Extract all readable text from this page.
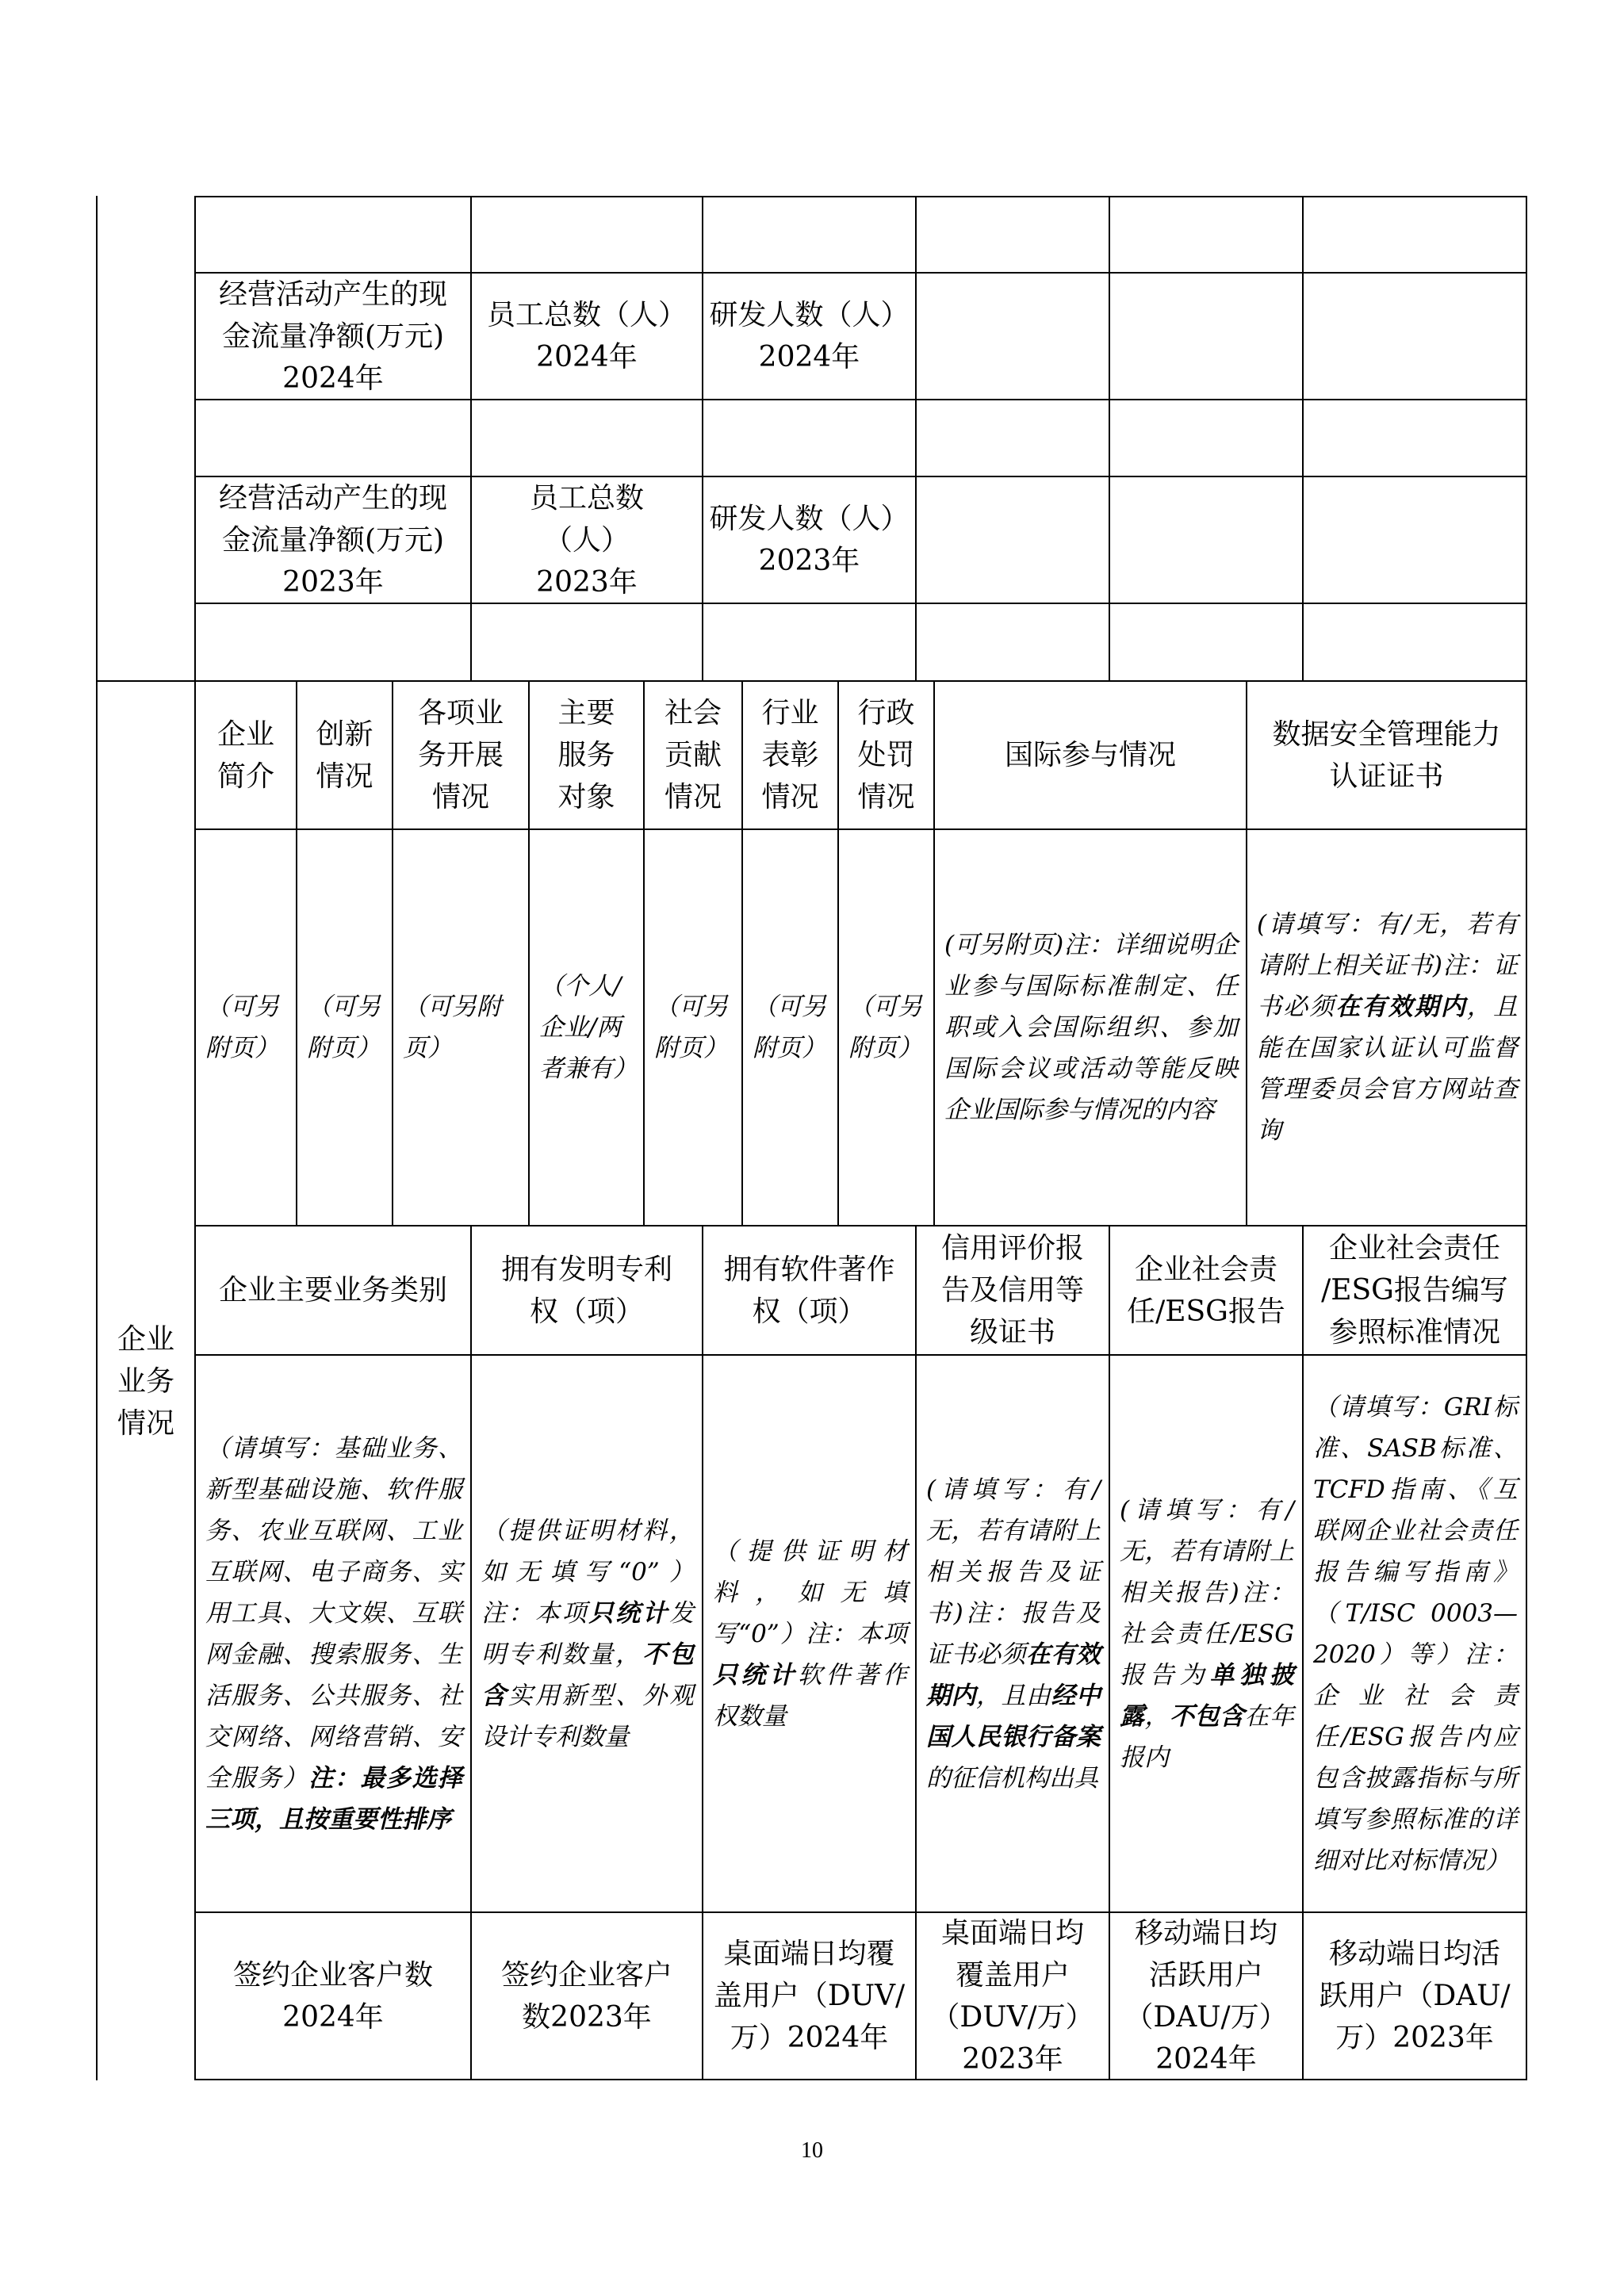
经营活动产生的现
金流量净额(万元)
2024年
员工总数（人）
2024年
研发人数（人）
2024年
经营活动产生的现
金流量净额(万元)
2023年
员工总数
（人）
2023年
研发人数（人）
2023年
企业
业务
情况
企业
简介
创新
情况
各项业
务开展
情况
主要
服务
对象
社会
贡献
情况
行业
表彰
情况
行政
处罚
情况
国际参与情况
数据安全管理能力
认证证书
（可另
附页）
（可另
附页）
（可另附
页）
（个人/
企业/两
者兼有）
（可另
附页）
（可另
附页）
（可另
附页）
(可另附页)注：详细说明企业参与国际标准制定、任职或入会国际组织、参加国际会议或活动等能反映企业国际参与情况的内容
(请填写：有/无，若有请附上相关证书)注：证书必须在有效期内，且能在国家认证认可监督管理委员会官方网站查询
企业主要业务类别
拥有发明专利
权（项）
拥有软件著作
权（项）
信用评价报
告及信用等
级证书
企业社会责
任/ESG报告
企业社会责任
/ESG报告编写
参照标准情况
（请填写：基础业务、新型基础设施、软件服务、农业互联网、工业互联网、电子商务、实用工具、大文娱、互联网金融、搜索服务、生活服务、公共服务、社交网络、网络营销、安全服务）注：最多选择三项，且按重要性排序
（提供证明材料，如无填写“0”）注：本项只统计发明专利数量，不包含实用新型、外观设计专利数量
（提供证明材料，如无填写“0”）注：本项只统计软件著作权数量
(请填写：有/无，若有请附上相关报告及证书)注：报告及证书必须在有效期内，且由经中国人民银行备案的征信机构出具
(请填写：有/无，若有请附上相关报告)注：社会责任/ESG报告为单独披露，不包含在年报内
（请填写：GRI标准、SASB标准、TCFD指南、《互联网企业社会责任报告编写指南》（T/ISC 0003—2020）等）注：企业社会责任/ESG报告内应包含披露指标与所填写参照标准的详细对比对标情况）
签约企业客户数
2024年
签约企业客户
数2023年
桌面端日均覆
盖用户（DUV/
万）2024年
桌面端日均
覆盖用户
（DUV/万）
2023年
移动端日均
活跃用户
（DAU/万）
2024年
移动端日均活
跃用户（DAU/
万）2023年
10
